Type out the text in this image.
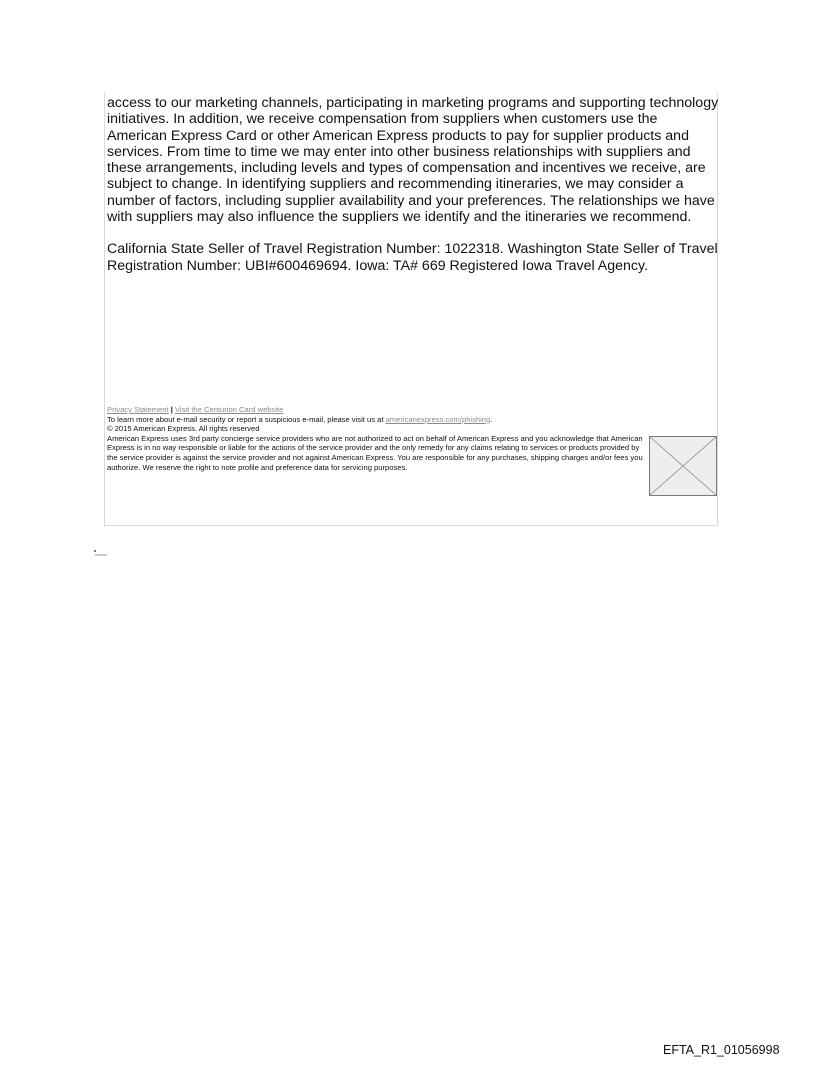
access to our marketing channels, participating in marketing programs and supporting technology initiatives. In addition, we receive compensation from suppliers when customers use the American Express Card or other American Express products to pay for supplier products and services. From time to time we may enter into other business relationships with suppliers and these arrangements, including levels and types of compensation and incentives we receive, are subject to change. In identifying suppliers and recommending itineraries, we may consider a number of factors, including supplier availability and your preferences. The relationships we have with suppliers may also influence the suppliers we identify and the itineraries we recommend.

California State Seller of Travel Registration Number: 1022318. Washington State Seller of Travel Registration Number: UBI#600469694. Iowa: TA# 669 Registered Iowa Travel Agency.

Privacy Statement | Visit the Centurion Card website
To learn more about e-mail security or report a suspicious e-mail, please visit us at americanexpress.com/phishing.
© 2015 American Express. All rights reserved
American Express uses 3rd party concierge service providers who are not authorized to act on behalf of American Express and you acknowledge that American Express is in no way responsible or liable for the actions of the service provider and the only remedy for any claims relating to services or products provided by the service provider is against the service provider and not against American Express. You are responsible for any purchases, shipping charges and/or fees you authorize. We reserve the right to note profile and preference data for servicing purposes.
EFTA_R1_01056998
